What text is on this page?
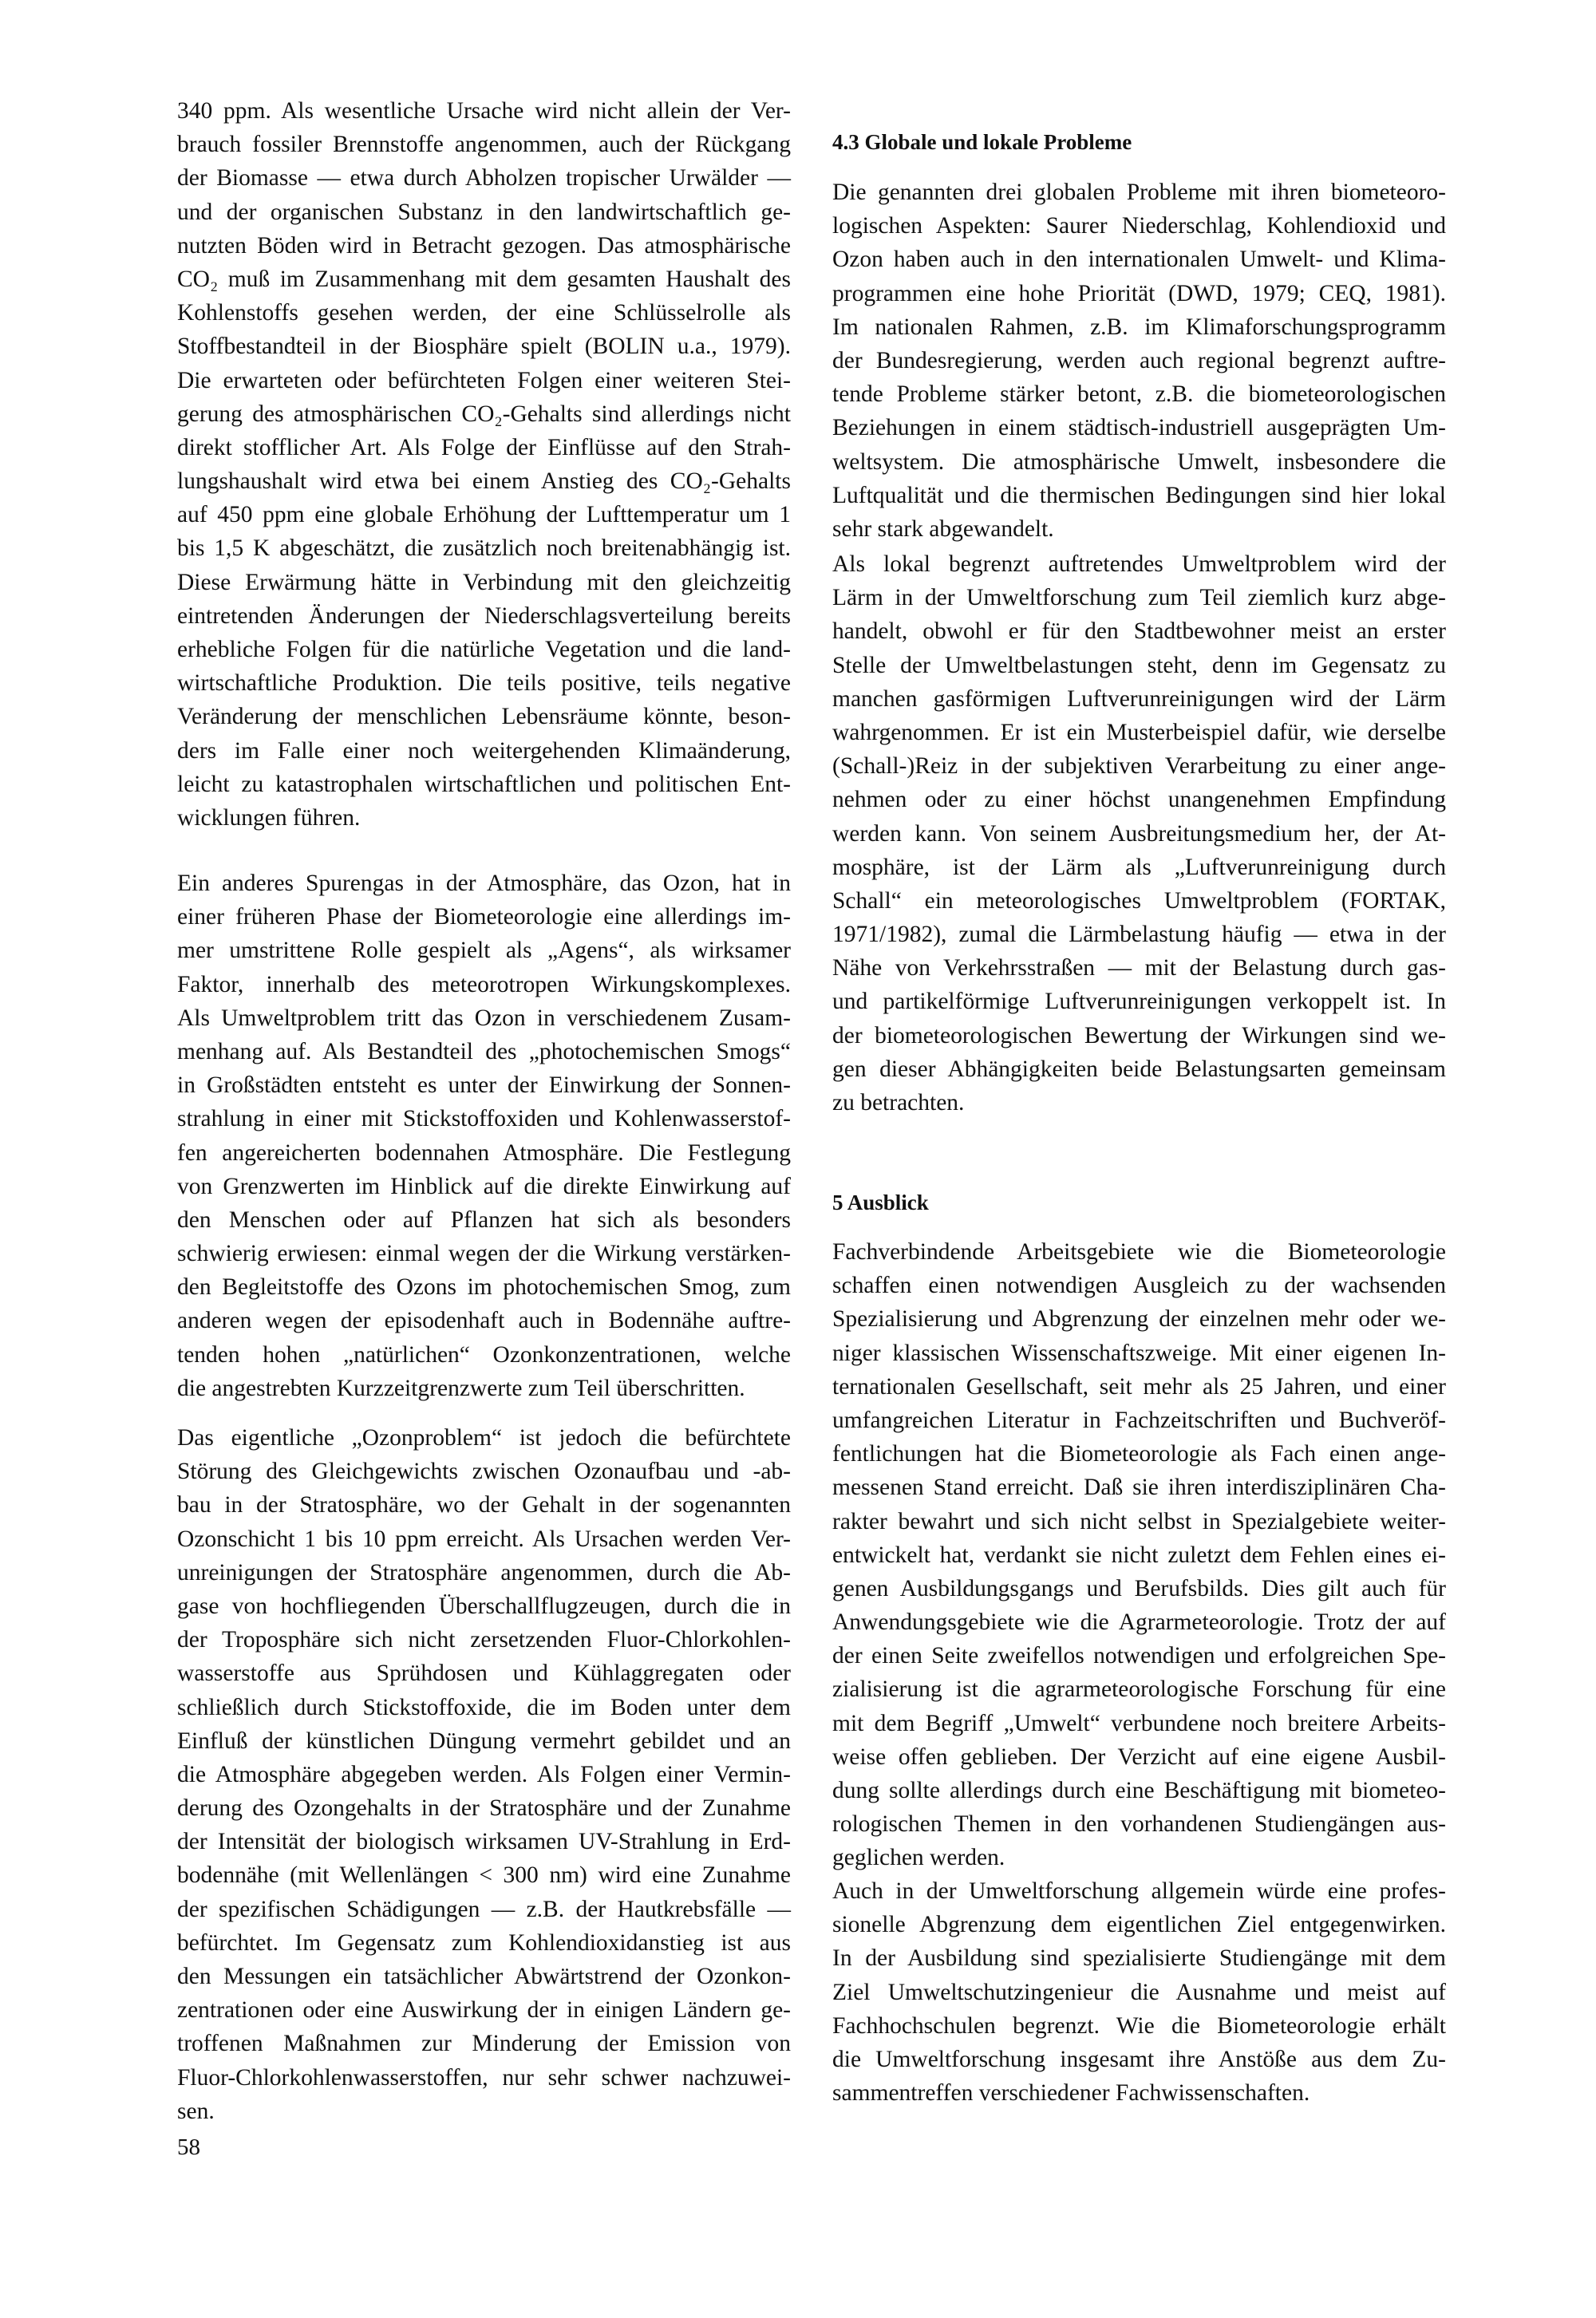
340 ppm. Als wesentliche Ursache wird nicht allein der Ver-
brauch fossiler Brennstoffe angenommen, auch der Rückgang
der Biomasse — etwa durch Abholzen tropischer Urwälder —
und der organischen Substanz in den landwirtschaftlich ge-
nutzten Böden wird in Betracht gezogen. Das atmosphärische
CO₂ muß im Zusammenhang mit dem gesamten Haushalt des
Kohlenstoffs gesehen werden, der eine Schlüsselrolle als
Stoffbestandteil in der Biosphäre spielt (BOLIN u.a., 1979).
Die erwarteten oder befürchteten Folgen einer weiteren Stei-
gerung des atmosphärischen CO₂-Gehalts sind allerdings nicht
direkt stofflicher Art. Als Folge der Einflüsse auf den Strah-
lungshaushalt wird etwa bei einem Anstieg des CO₂-Gehalts
auf 450 ppm eine globale Erhöhung der Lufttemperatur um 1
bis 1,5 K abgeschätzt, die zusätzlich noch breitenabhängig ist.
Diese Erwärmung hätte in Verbindung mit den gleichzeitig
eintretenden Änderungen der Niederschlagsverteilung bereits
erhebliche Folgen für die natürliche Vegetation und die land-
wirtschaftliche Produktion. Die teils positive, teils negative
Veränderung der menschlichen Lebensräume könnte, beson-
ders im Falle einer noch weitergehenden Klimaänderung,
leicht zu katastrophalen wirtschaftlichen und politischen Ent-
wicklungen führen.
Ein anderes Spurengas in der Atmosphäre, das Ozon, hat in
einer früheren Phase der Biometeorologie eine allerdings im-
mer umstrittene Rolle gespielt als „Agens“, als wirksamer
Faktor, innerhalb des meteorotropen Wirkungskomplexes.
Als Umweltproblem tritt das Ozon in verschiedenem Zusam-
menhang auf. Als Bestandteil des „photochemischen Smogs“
in Großstädten entsteht es unter der Einwirkung der Sonnen-
strahlung in einer mit Stickstoffoxiden und Kohlenwasserstof-
fen angereicherten bodennahen Atmosphäre. Die Festlegung
von Grenzwerten im Hinblick auf die direkte Einwirkung auf
den Menschen oder auf Pflanzen hat sich als besonders
schwierig erwiesen: einmal wegen der die Wirkung verstärken-
den Begleitstoffe des Ozons im photochemischen Smog, zum
anderen wegen der episodenhaft auch in Bodennähe auftre-
tenden hohen „natürlichen“ Ozonkonzentrationen, welche
die angestrebten Kurzzeitgrenzwerte zum Teil überschritten.
Das eigentliche „Ozonproblem“ ist jedoch die befürchtete
Störung des Gleichgewichts zwischen Ozonaufbau und -ab-
bau in der Stratosphäre, wo der Gehalt in der sogenannten
Ozonschicht 1 bis 10 ppm erreicht. Als Ursachen werden Ver-
unreinigungen der Stratosphäre angenommen, durch die Ab-
gase von hochfliegenden Überschallflugzeugen, durch die in
der Troposphäre sich nicht zersetzenden Fluor-Chlorkohlen-
wasserstoffe aus Sprühdosen und Kühlaggregaten oder
schließlich durch Stickstoffoxide, die im Boden unter dem
Einfluß der künstlichen Düngung vermehrt gebildet und an
die Atmosphäre abgegeben werden. Als Folgen einer Vermin-
derung des Ozongehalts in der Stratosphäre und der Zunahme
der Intensität der biologisch wirksamen UV-Strahlung in Erd-
bodennähe (mit Wellenlängen < 300 nm) wird eine Zunahme
der spezifischen Schädigungen — z.B. der Hautkrebsfälle —
befürchtet. Im Gegensatz zum Kohlendioxidanstieg ist aus
den Messungen ein tatsächlicher Abwärtstrend der Ozonkon-
zentrationen oder eine Auswirkung der in einigen Ländern ge-
troffenen Maßnahmen zur Minderung der Emission von
Fluor-Chlorkohlenwasserstoffen, nur sehr schwer nachzuwei-
sen.
58
4.3 Globale und lokale Probleme
Die genannten drei globalen Probleme mit ihren biometeoro-
logischen Aspekten: Saurer Niederschlag, Kohlendioxid und
Ozon haben auch in den internationalen Umwelt- und Klima-
programmen eine hohe Priorität (DWD, 1979; CEQ, 1981).
Im nationalen Rahmen, z.B. im Klimaforschungsprogramm
der Bundesregierung, werden auch regional begrenzt auftre-
tende Probleme stärker betont, z.B. die biometeorologischen
Beziehungen in einem städtisch-industriell ausgeprägten Um-
weltsystem. Die atmosphärische Umwelt, insbesondere die
Luftqualität und die thermischen Bedingungen sind hier lokal
sehr stark abgewandelt.
Als lokal begrenzt auftretendes Umweltproblem wird der
Lärm in der Umweltforschung zum Teil ziemlich kurz abge-
handelt, obwohl er für den Stadtbewohner meist an erster
Stelle der Umweltbelastungen steht, denn im Gegensatz zu
manchen gasförmigen Luftverunreinigungen wird der Lärm
wahrgenommen. Er ist ein Musterbeispiel dafür, wie derselbe
(Schall-)Reiz in der subjektiven Verarbeitung zu einer ange-
nehmen oder zu einer höchst unangenehmen Empfindung
werden kann. Von seinem Ausbreitungsmedium her, der At-
mosphäre, ist der Lärm als „Luftverunreinigung durch
Schall“ ein meteorologisches Umweltproblem (FORTAK,
1971/1982), zumal die Lärmbelastung häufig — etwa in der
Nähe von Verkehrsstraßen — mit der Belastung durch gas-
und partikelförmige Luftverunreinigungen verkoppelt ist. In
der biometeorologischen Bewertung der Wirkungen sind we-
gen dieser Abhängigkeiten beide Belastungsarten gemeinsam
zu betrachten.
5 Ausblick
Fachverbindende Arbeitsgebiete wie die Biometeorologie
schaffen einen notwendigen Ausgleich zu der wachsenden
Spezialisierung und Abgrenzung der einzelnen mehr oder we-
niger klassischen Wissenschaftszweige. Mit einer eigenen In-
ternationalen Gesellschaft, seit mehr als 25 Jahren, und einer
umfangreichen Literatur in Fachzeitschriften und Buchveröf-
fentlichungen hat die Biometeorologie als Fach einen ange-
messenen Stand erreicht. Daß sie ihren interdisziplinären Cha-
rakter bewahrt und sich nicht selbst in Spezialgebiete weiter-
entwickelt hat, verdankt sie nicht zuletzt dem Fehlen eines ei-
genen Ausbildungsgangs und Berufsbilds. Dies gilt auch für
Anwendungsgebiete wie die Agrarmeteorologie. Trotz der auf
der einen Seite zweifellos notwendigen und erfolgreichen Spe-
zialisierung ist die agrarmeteorologische Forschung für eine
mit dem Begriff „Umwelt“ verbundene noch breitere Arbeits-
weise offen geblieben. Der Verzicht auf eine eigene Ausbil-
dung sollte allerdings durch eine Beschäftigung mit biometeo-
rologischen Themen in den vorhandenen Studiengängen aus-
geglichen werden.
Auch in der Umweltforschung allgemein würde eine profes-
sionelle Abgrenzung dem eigentlichen Ziel entgegenwirken.
In der Ausbildung sind spezialisierte Studiengänge mit dem
Ziel Umweltschutzingenieur die Ausnahme und meist auf
Fachhochschulen begrenzt. Wie die Biometeorologie erhält
die Umweltforschung insgesamt ihre Anstöße aus dem Zu-
sammentreffen verschiedener Fachwissenschaften.
